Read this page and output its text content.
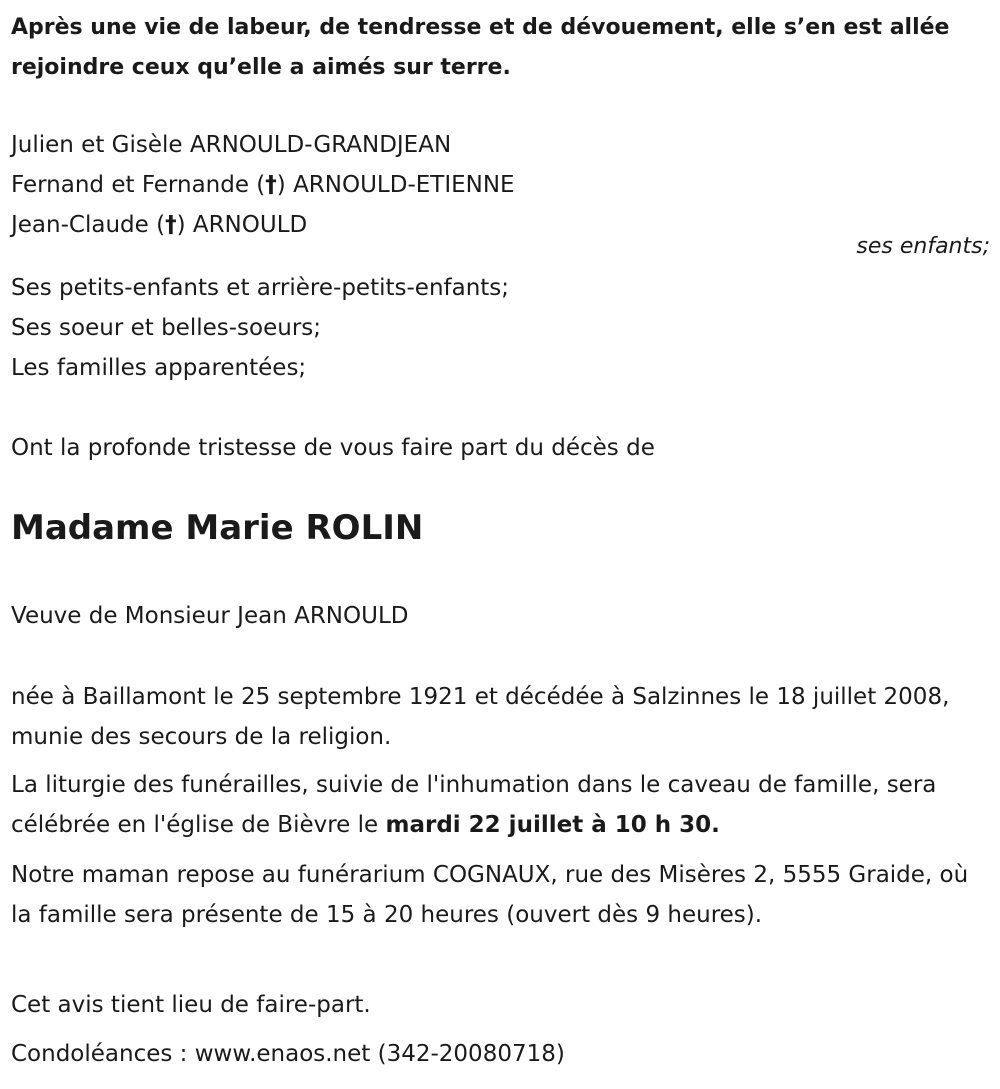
Après une vie de labeur, de tendresse et de dévouement, elle s’en est allée rejoindre ceux qu’elle a aimés sur terre.
Julien et Gisèle ARNOULD-GRANDJEAN
Fernand et Fernande (†) ARNOULD-ETIENNE
Jean-Claude (†) ARNOULD
ses enfants;
Ses petits-enfants et arrière-petits-enfants;
Ses soeur et belles-soeurs;
Les familles apparentées;
Ont la profonde tristesse de vous faire part du décès de
Madame Marie ROLIN
Veuve de Monsieur Jean ARNOULD
née à Baillamont le 25 septembre 1921 et décédée à Salzinnes le 18 juillet 2008, munie des secours de la religion.
La liturgie des funérailles, suivie de l'inhumation dans le caveau de famille, sera célébrée en l'église de Bièvre le mardi 22 juillet à 10 h 30.
Notre maman repose au funérarium COGNAUX, rue des Misères 2, 5555 Graide, où la famille sera présente de 15 à 20 heures (ouvert dès 9 heures).
Cet avis tient lieu de faire-part.
Condoléances : www.enaos.net (342-20080718)
